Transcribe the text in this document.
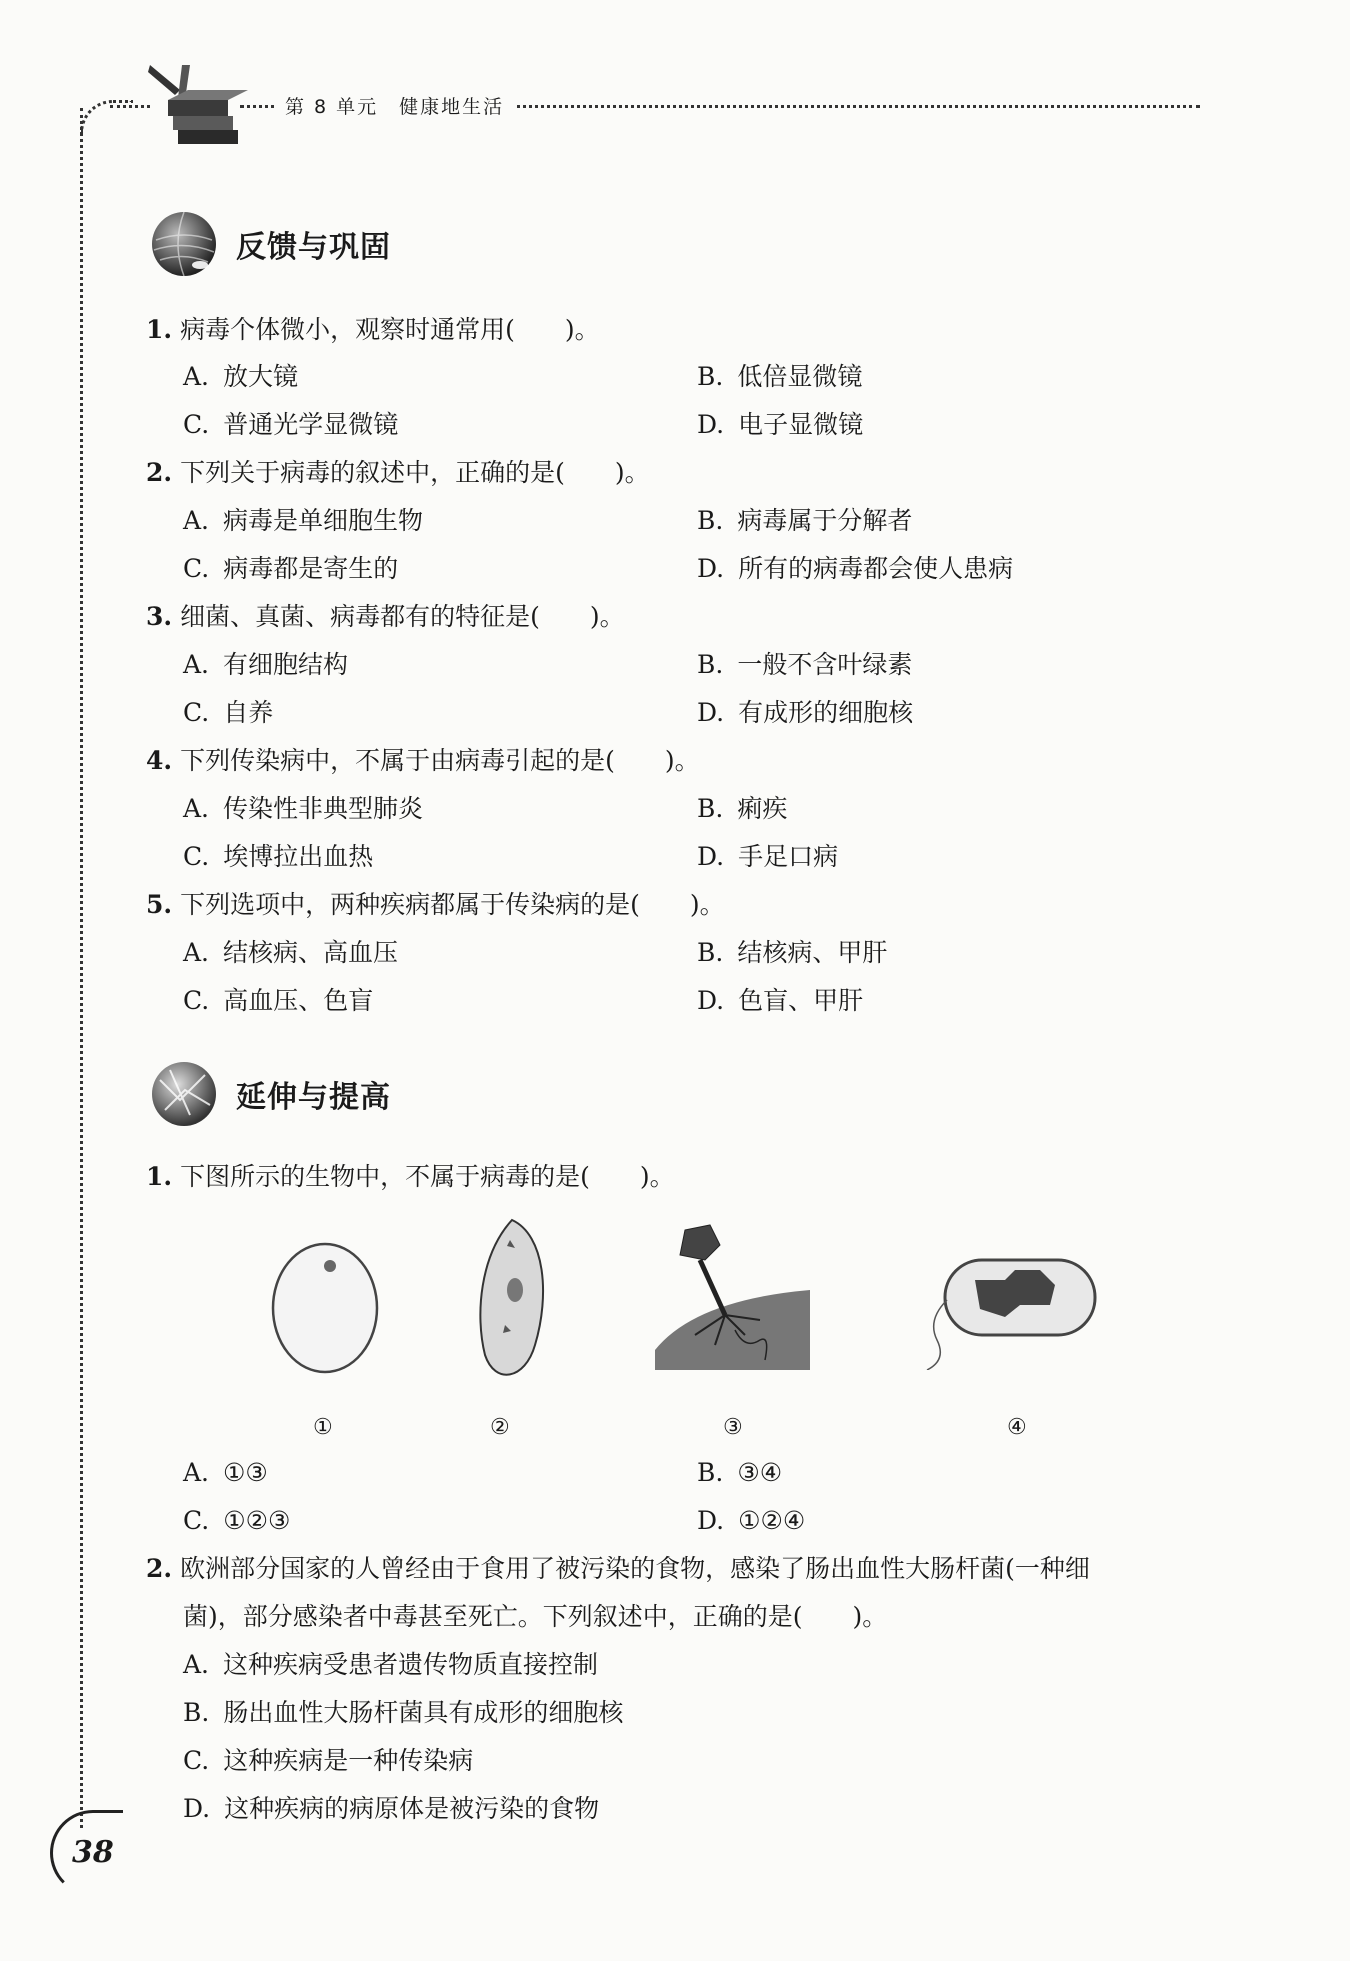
第 8 单元　健康地生活
反馈与巩固
1. 病毒个体微小，观察时通常用(　　)。
A. 放大镜	B. 低倍显微镜
C. 普通光学显微镜	D. 电子显微镜
2. 下列关于病毒的叙述中，正确的是(　　)。
A. 病毒是单细胞生物	B. 病毒属于分解者
C. 病毒都是寄生的	D. 所有的病毒都会使人患病
3. 细菌、真菌、病毒都有的特征是(　　)。
A. 有细胞结构	B. 一般不含叶绿素
C. 自养	D. 有成形的细胞核
4. 下列传染病中，不属于由病毒引起的是(　　)。
A. 传染性非典型肺炎	B. 痢疾
C. 埃博拉出血热	D. 手足口病
5. 下列选项中，两种疾病都属于传染病的是(　　)。
A. 结核病、高血压	B. 结核病、甲肝
C. 高血压、色盲	D. 色盲、甲肝
延伸与提高
1. 下图所示的生物中，不属于病毒的是(　　)。
①	②	③	④
A. ①③	B. ③④
C. ①②③	D. ①②④
2. 欧洲部分国家的人曾经由于食用了被污染的食物，感染了肠出血性大肠杆菌(一种细
菌)，部分感染者中毒甚至死亡。下列叙述中，正确的是(　　)。
A. 这种疾病受患者遗传物质直接控制
B. 肠出血性大肠杆菌具有成形的细胞核
C. 这种疾病是一种传染病
D. 这种疾病的病原体是被污染的食物
38
